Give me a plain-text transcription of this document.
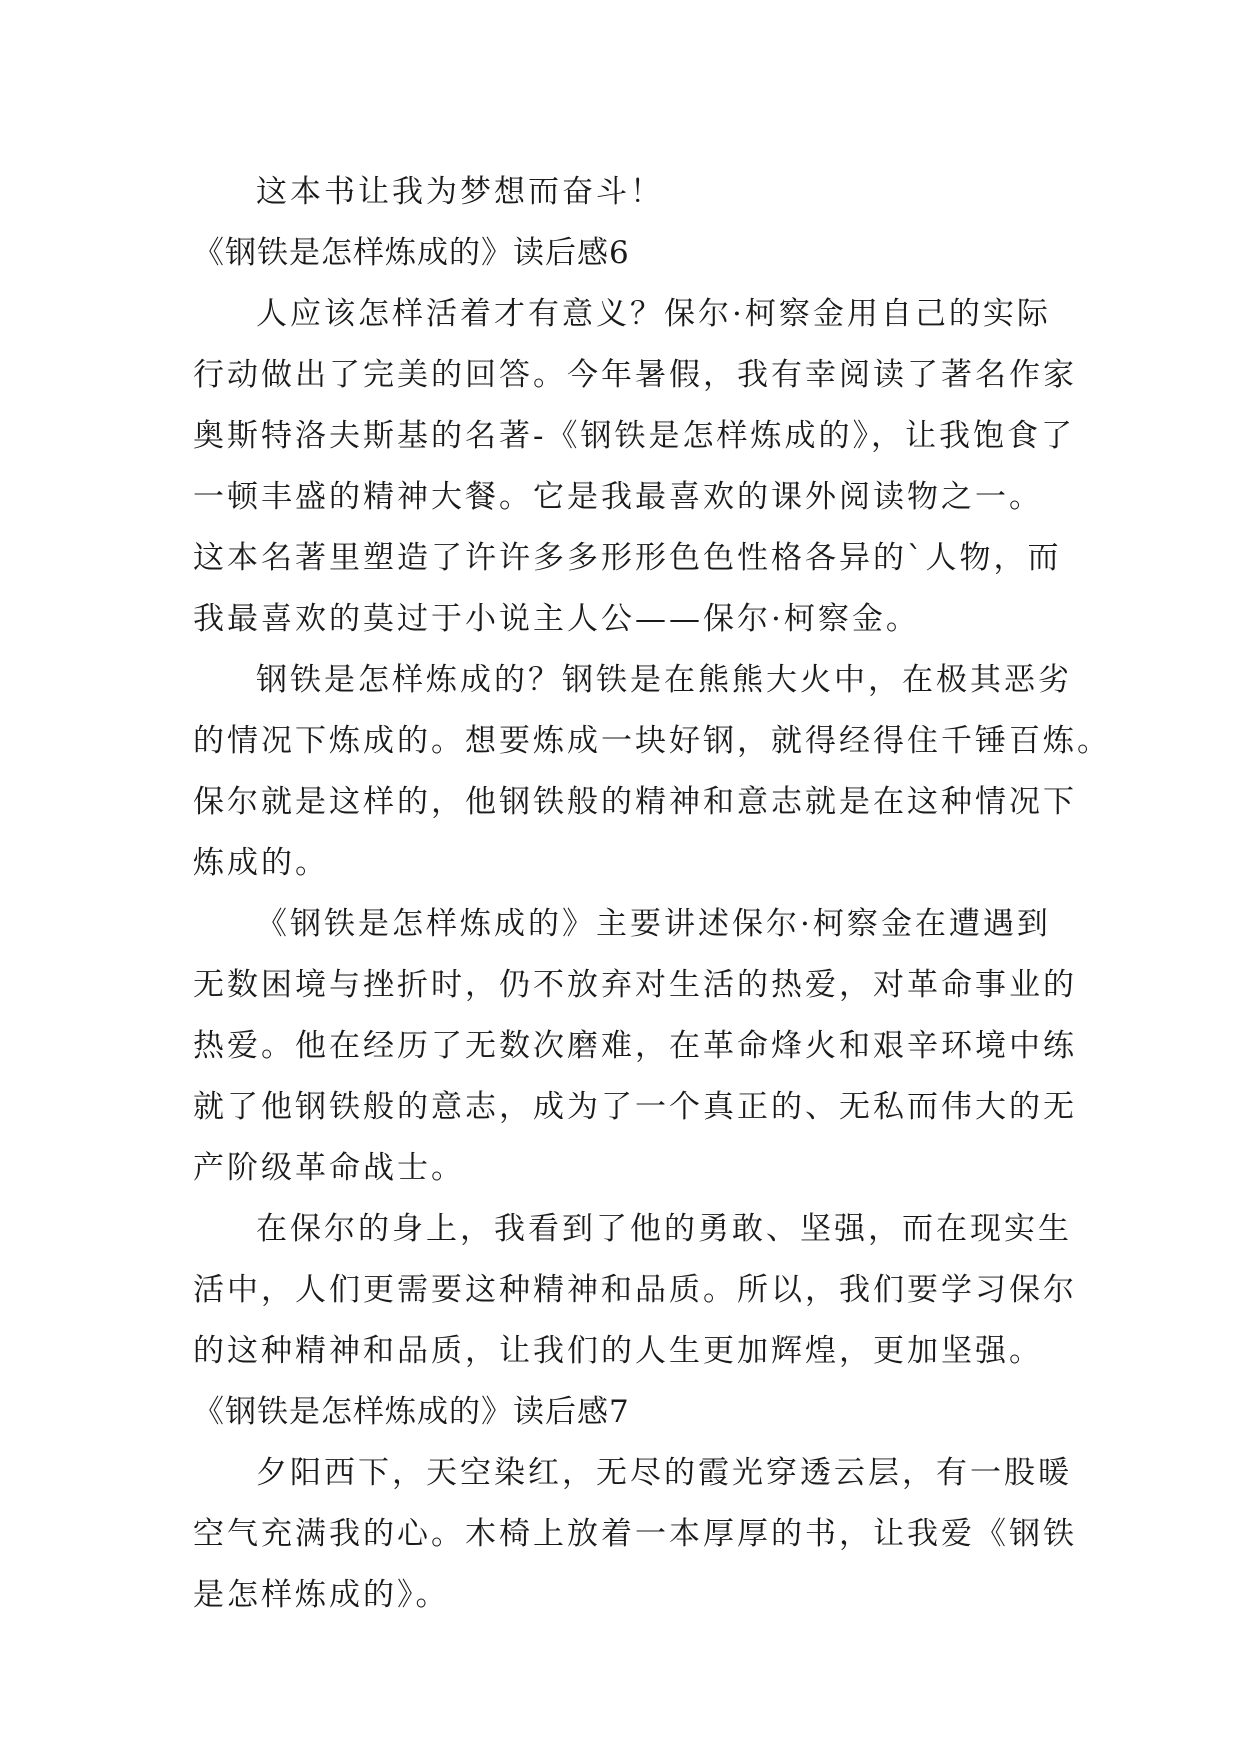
这本书让我为梦想而奋斗！
《钢铁是怎样炼成的》读后感6
人应该怎样活着才有意义？保尔·柯察金用自己的实际
行动做出了完美的回答。今年暑假，我有幸阅读了著名作家
奥斯特洛夫斯基的名著-《钢铁是怎样炼成的》，让我饱食了
一顿丰盛的精神大餐。它是我最喜欢的课外阅读物之一。
这本名著里塑造了许许多多形形色色性格各异的`人物，而
我最喜欢的莫过于小说主人公——保尔·柯察金。
钢铁是怎样炼成的？钢铁是在熊熊大火中，在极其恶劣
的情况下炼成的。想要炼成一块好钢，就得经得住千锤百炼。
保尔就是这样的，他钢铁般的精神和意志就是在这种情况下
炼成的。
《钢铁是怎样炼成的》主要讲述保尔·柯察金在遭遇到
无数困境与挫折时，仍不放弃对生活的热爱，对革命事业的
热爱。他在经历了无数次磨难，在革命烽火和艰辛环境中练
就了他钢铁般的意志，成为了一个真正的、无私而伟大的无
产阶级革命战士。
在保尔的身上，我看到了他的勇敢、坚强，而在现实生
活中，人们更需要这种精神和品质。所以，我们要学习保尔
的这种精神和品质，让我们的人生更加辉煌，更加坚强。
《钢铁是怎样炼成的》读后感7
夕阳西下，天空染红，无尽的霞光穿透云层，有一股暖
空气充满我的心。木椅上放着一本厚厚的书，让我爱《钢铁
是怎样炼成的》。
